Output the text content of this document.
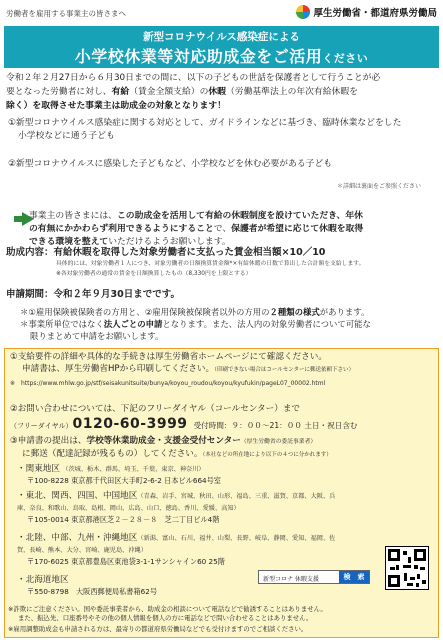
労働者を雇用する事業主の皆さまへ	厚生労働省・都道府県労働局
新型コロナウイルス感染症による
小学校休業等対応助成金をご活用ください
令和２年２月27日から６月30日までの間に、以下の子どもの世話を保護者として行うことが必
要となった労働者に対し、有給（賃金全額支給）の休暇（労働基準法上の年次有給休暇を
除く）を取得させた事業主は助成金の対象となります！
①新型コロナウイルス感染症に関する対応として、ガイドラインなどに基づき、臨時休業などをした
小学校などに通う子ども
②新型コロナウイルスに感染した子どもなど、小学校などを休む必要がある子ども
＊詳細は裏面をご参照ください
事業主の皆さまには、この助成金を活用して有給の休暇制度を設けていただき、年休
の有無にかかわらず利用できるようにすることで、保護者が希望に応じて休暇を取得
できる環境を整えていただけるようお願いします。
助成内容：有給休暇を取得した対象労働者に支払った賃金相当額×10／10
具体的には、対象労働者１人につき、対象労働者の日額換算賃金額*×有給休暇の日数で算出した合計額を支給します。
※各対象労働者の通常の賃金を日額換算したもの（8,330円を上限とする）
申請期間：令和２年９月30日までです。
＊①雇用保険被保険者の方用と、②雇用保険被保険者以外の方用の２種類の様式があります。
＊事業所単位ではなく法人ごとの申請となります。また、法人内の対象労働者について可能な
限りまとめて申請をお願いします。
①支給要件の詳細や具体的な手続きは厚生労働省ホームページにて確認ください。
申請書は、厚生労働省HPから印刷してください。（印刷できない場合はコールセンターに郵送依頼下さい）
※　https://www.mhlw.go.jp/stf/seisakunitsuite/bunya/koyou_roudou/koyou/kyufukin/pageL07_00002.html
②お問い合わせについては、下記のフリーダイヤル（コールセンター）まで
（フリーダイヤル）0120-60-3999 受付時間：９：００～21：００ 土日・祝日含む
③申請書の提出は、学校等休業助成金・支援金受付センター（厚生労働省の委託事業者）
に郵送（配達記録が残るもの）してください。（本社などの所在地により以下の４つに分かれます）
・関東地区 （茨城、栃木、群馬、埼玉、千葉、東京、神奈川）
〒100-8228 東京都千代田区大手町2-6-2 日本ビル664号室
・東北、関西、四国、中国地区（青森、岩手、宮城、秋田、山形、福島、三重、滋賀、京都、大阪、兵庫、奈良、和歌山、鳥取、島根、岡山、広島、山口、徳島、香川、愛媛、高知）
〒105-0014 東京都港区芝２－２８－８　芝二丁目ビル4階
・北陸、中部、九州・沖縄地区（新潟、富山、石川、福井、山梨、長野、岐阜、静岡、愛知、福岡、佐賀、長崎、熊本、大分、宮崎、鹿児島、沖縄）
〒170-6025 東京都豊島区東池袋3-1-1サンシャイン60 25階
・北海道地区
〒550-8798　大阪西郵便局私書箱62号
新型コロナ 休暇支援	検　索
※詐欺にご注意ください。国や委託事業者から、助成金の相談について電話などで勧誘することはありません。
また、振込先、口座番号やその他の個人情報を個人の方に電話などで問い合わせることはありません。
※雇用調整助成金も申請される方は、最寄りの都道府県労働局などでも受付けますのでご相談ください。
